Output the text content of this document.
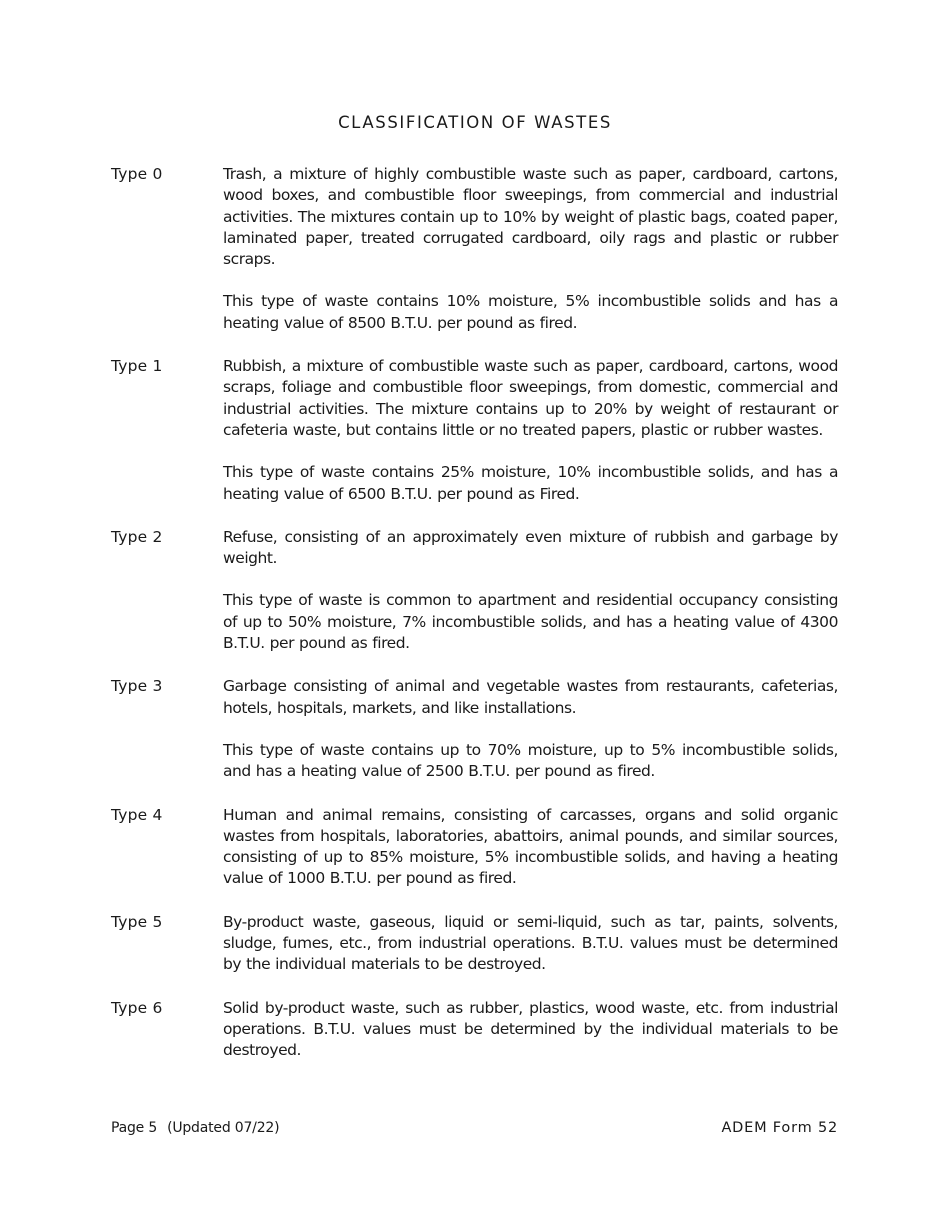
CLASSIFICATION OF WASTES
Type 0	Trash, a mixture of highly combustible waste such as paper, cardboard, cartons, wood boxes, and combustible floor sweepings, from commercial and industrial activities. The mixtures contain up to 10% by weight of plastic bags, coated paper, laminated paper, treated corrugated cardboard, oily rags and plastic or rubber scraps.

This type of waste contains 10% moisture, 5% incombustible solids and has a heating value of 8500 B.T.U. per pound as fired.

Type 1	Rubbish, a mixture of combustible waste such as paper, cardboard, cartons, wood scraps, foliage and combustible floor sweepings, from domestic, commercial and industrial activities. The mixture contains up to 20% by weight of restaurant or cafeteria waste, but contains little or no treated papers, plastic or rubber wastes.

This type of waste contains 25% moisture, 10% incombustible solids, and has a heating value of 6500 B.T.U. per pound as Fired.

Type 2	Refuse, consisting of an approximately even mixture of rubbish and garbage by weight.

This type of waste is common to apartment and residential occupancy consisting of up to 50% moisture, 7% incombustible solids, and has a heating value of 4300 B.T.U. per pound as fired.

Type 3	Garbage consisting of animal and vegetable wastes from restaurants, cafeterias, hotels, hospitals, markets, and like installations.

This type of waste contains up to 70% moisture, up to 5% incombustible solids, and has a heating value of 2500 B.T.U. per pound as fired.

Type 4	Human and animal remains, consisting of carcasses, organs and solid organic wastes from hospitals, laboratories, abattoirs, animal pounds, and similar sources, consisting of up to 85% moisture, 5% incombustible solids, and having a heating value of 1000 B.T.U. per pound as fired.

Type 5	By-product waste, gaseous, liquid or semi-liquid, such as tar, paints, solvents, sludge, fumes, etc., from industrial operations. B.T.U. values must be determined by the individual materials to be destroyed.

Type 6	Solid by-product waste, such as rubber, plastics, wood waste, etc. from industrial operations. B.T.U. values must be determined by the individual materials to be destroyed.

Page 5 (Updated 07/22)	ADEM Form 52
